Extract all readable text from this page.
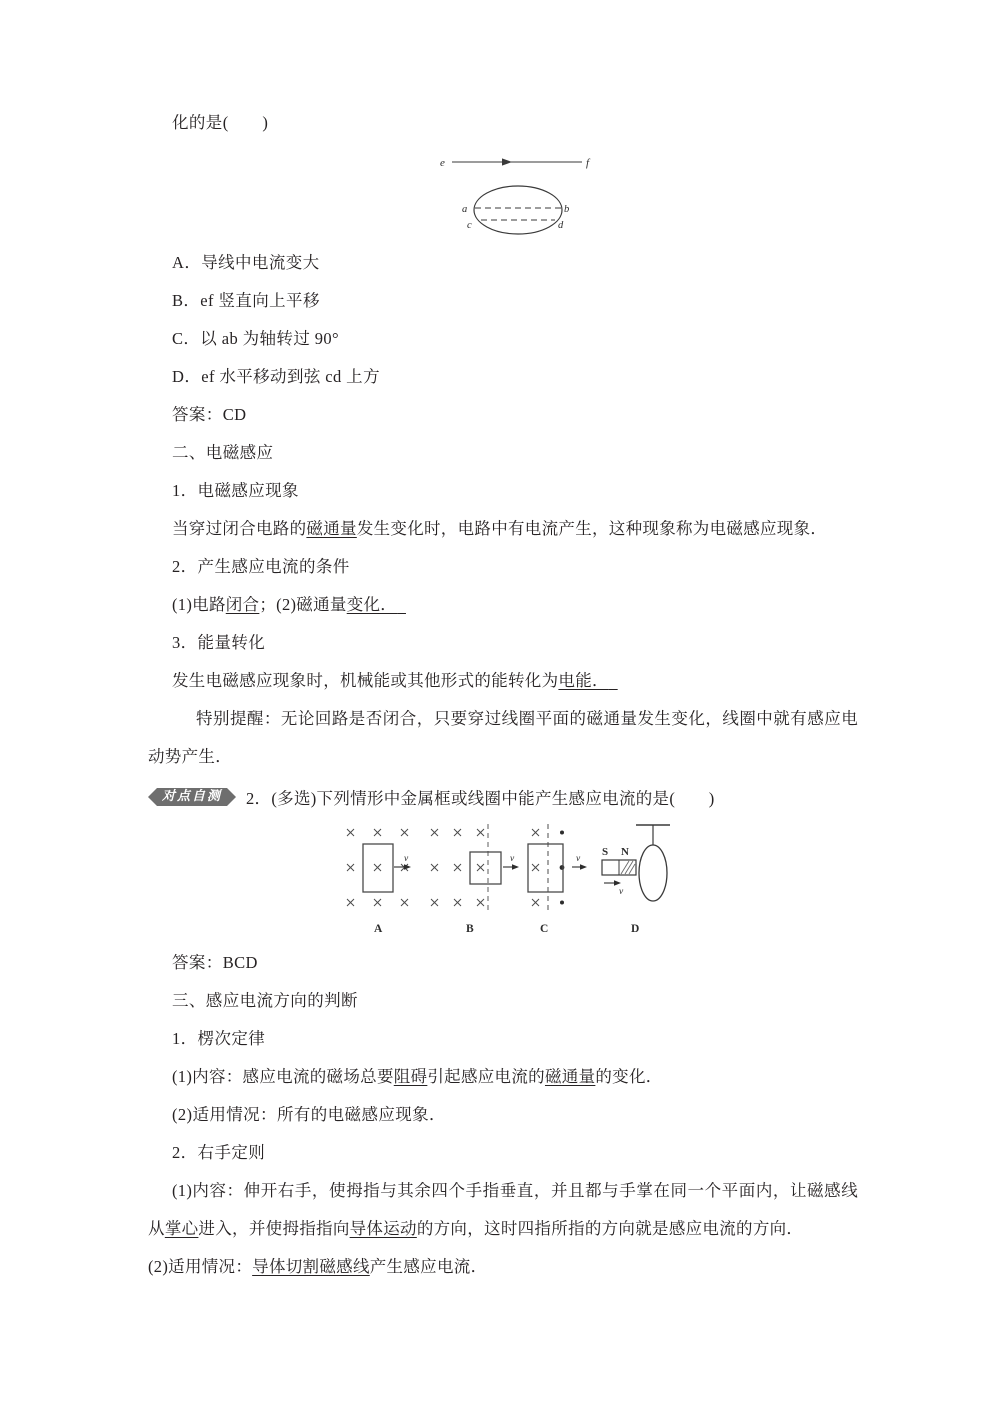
化的是(　　)
e	f
a	b
c	d
A．导线中电流变大
B．ef 竖直向上平移
C．以 ab 为轴转过 90°
D．ef 水平移动到弦 cd 上方
答案：CD
二、电磁感应
1．电磁感应现象

当穿过闭合电路的磁通量发生变化时，电路中有电流产生，这种现象称为电磁感应现象．

2．产生感应电流的条件

(1)电路闭合；(2)磁通量变化．

3．能量转化

发生电磁感应现象时，机械能或其他形式的能转化为电能．

特别提醒：无论回路是否闭合，只要穿过线圈平面的磁通量发生变化，线圈中就有感应电动势产生．

对点自测	2．(多选)下列情形中金属框或线圈中能产生感应电流的是(　　)
v
A
v
B
v
C
S N
v
D
答案：BCD
三、感应电流方向的判断
1．楞次定律

(1)内容：感应电流的磁场总要阻碍引起感应电流的磁通量的变化．

(2)适用情况：所有的电磁感应现象．
2．右手定则

(1)内容：伸开右手，使拇指与其余四个手指垂直，并且都与手掌在同一个平面内，让磁感线从掌心进入，并使拇指指向导体运动的方向，这时四指所指的方向就是感应电流的方向．

(2)适用情况：导体切割磁感线产生感应电流．
